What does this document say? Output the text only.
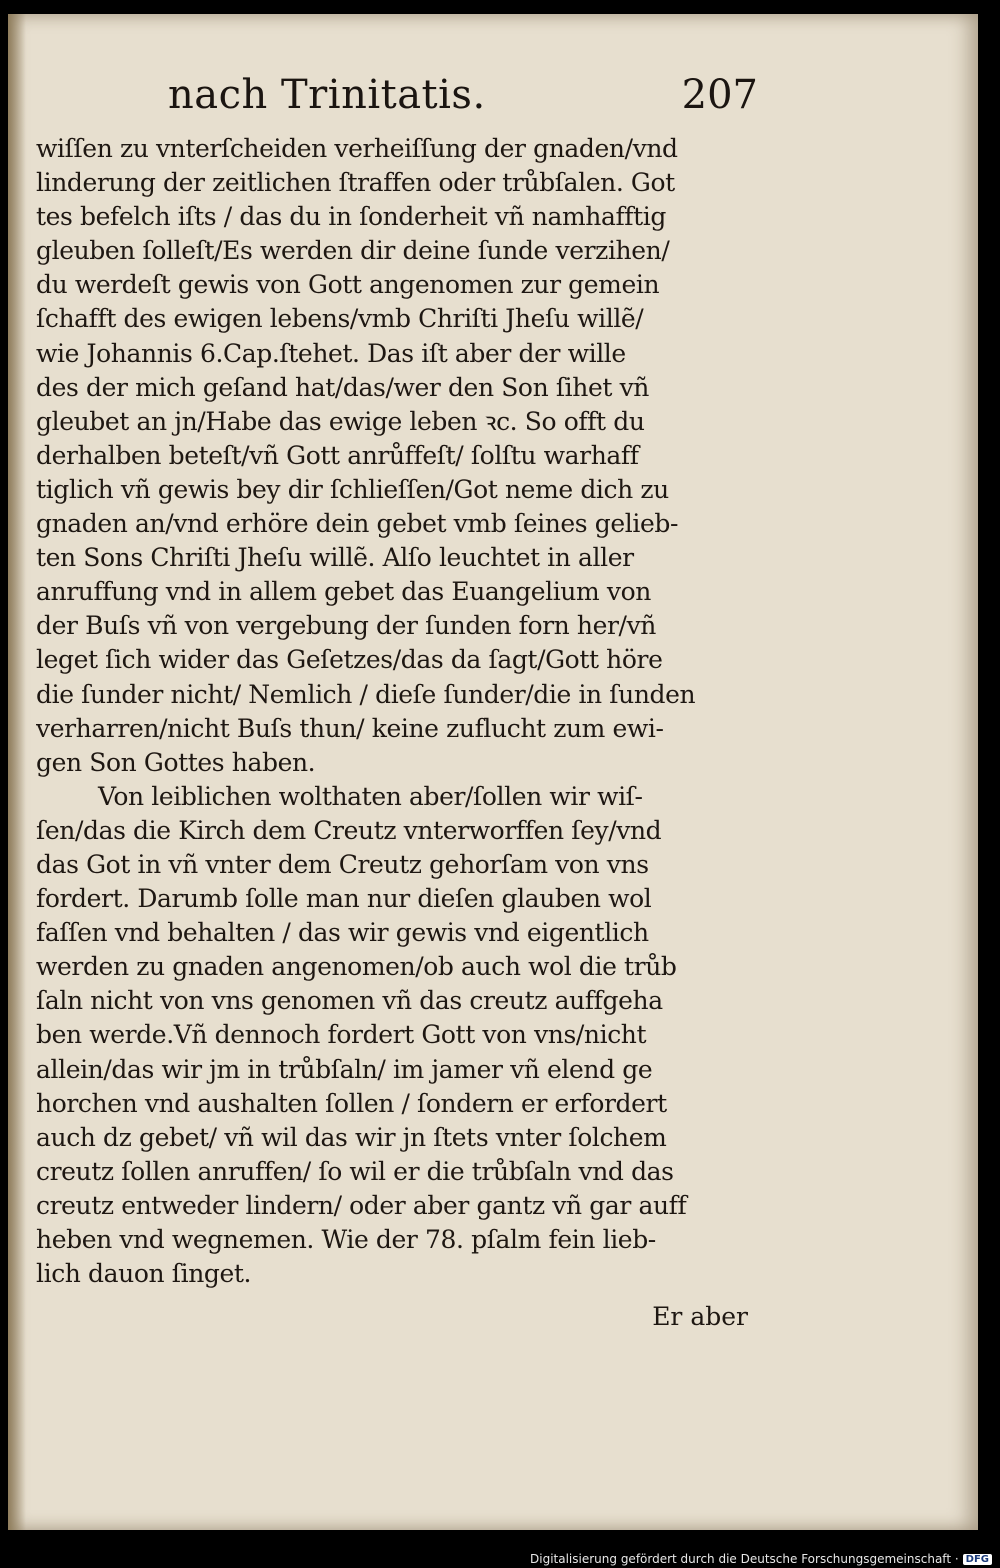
nach Trinitatis.	207
wiſſen zu vnterſcheiden verheiſſung der gnaden/vnd
linderung der zeitlichen ſtraffen oder trůbſalen. Got
tes befelch iſts / das du in ſonderheit vñ namhafftig
gleuben ſolleſt/Es werden dir deine ſunde verzihen/
du werdeſt gewis von Gott angenomen zur gemein
ſchafft des ewigen lebens/vmb Chriſti Jheſu willẽ/
wie Johannis 6.Cap.ſtehet. Das iſt aber der wille
des der mich geſand hat/das/wer den Son ſihet vñ
gleubet an jn/Habe das ewige leben ꝛc. So offt du
derhalben beteſt/vñ Gott anrůffeſt/ ſolſtu warhaff
tiglich vñ gewis bey dir ſchlieſſen/Got neme dich zu
gnaden an/vnd erhöre dein gebet vmb ſeines gelieb-
ten Sons Chriſti Jheſu willẽ. Alſo leuchtet in aller
anruffung vnd in allem gebet das Euangelium von
der Buſs vñ von vergebung der ſunden forn her/vñ
leget ſich wider das Geſetzes/das da ſagt/Gott höre
die ſunder nicht/ Nemlich / dieſe ſunder/die in ſunden
verharren/nicht Buſs thun/ keine zuflucht zum ewi-
gen Son Gottes haben.
Von leiblichen wolthaten aber/ſollen wir wiſ-
ſen/das die Kirch dem Creutz vnterworffen ſey/vnd
das Got in vñ vnter dem Creutz gehorſam von vns
fordert. Darumb ſolle man nur dieſen glauben wol
faſſen vnd behalten / das wir gewis vnd eigentlich
werden zu gnaden angenomen/ob auch wol die trůb
ſaln nicht von vns genomen vñ das creutz auffgeha
ben werde.Vñ dennoch fordert Gott von vns/nicht
allein/das wir jm in trůbſaln/ im jamer vñ elend ge
horchen vnd aushalten ſollen / ſondern er erfordert
auch dz gebet/ vñ wil das wir jn ſtets vnter ſolchem
creutz ſollen anruffen/ ſo wil er die trůbſaln vnd das
creutz entweder lindern/ oder aber gantz vñ gar auff
heben vnd wegnemen. Wie der 78. pſalm fein lieb-
lich dauon ſinget.
Er aber
Digitalisierung gefördert durch die Deutsche Forschungsgemeinschaft · DFG
